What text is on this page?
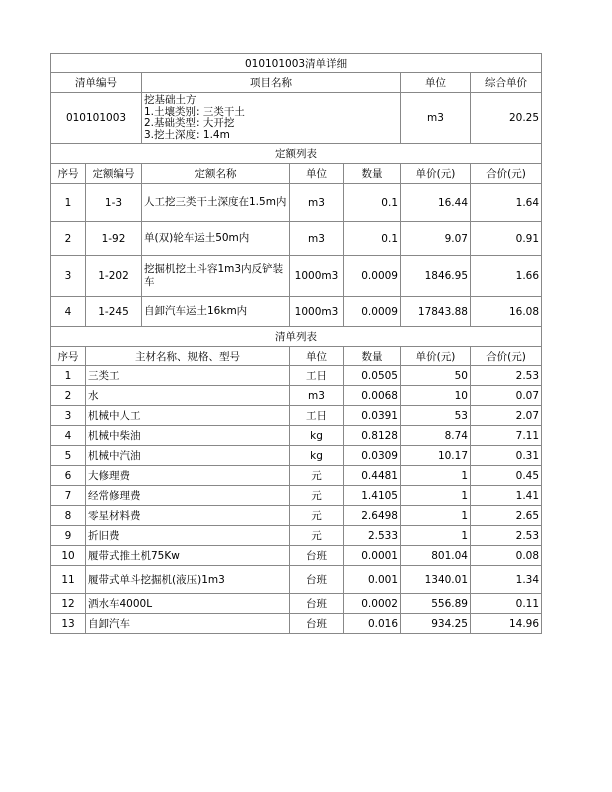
010101003清单详细						
清单编号		项目名称			单位	综合单价
010101003		挖基础土方
1.土壤类别: 三类干土
2.基础类型: 大开挖
3.挖土深度: 1.4m			m3	20.25
定额列表						
序号	定额编号	定额名称	单位	数量	单价(元)	合价(元)
1	1-3	人工挖三类干土深度在1.5m内	m3	0.1	16.44	1.64
2	1-92	单(双)轮车运土50m内	m3	0.1	9.07	0.91
3	1-202	挖掘机挖土斗容1m3内反铲装车	1000m3	0.0009	1846.95	1.66
4	1-245	自卸汽车运土16km内	1000m3	0.0009	17843.88	16.08
清单列表						
序号	主材名称、规格、型号		单位	数量	单价(元)	合价(元)
1	三类工		工日	0.0505	50	2.53
2	水		m3	0.0068	10	0.07
3	机械中人工		工日	0.0391	53	2.07
4	机械中柴油		kg	0.8128	8.74	7.11
5	机械中汽油		kg	0.0309	10.17	0.31
6	大修理费		元	0.4481	1	0.45
7	经常修理费		元	1.4105	1	1.41
8	零星材料费		元	2.6498	1	2.65
9	折旧费		元	2.533	1	2.53
10	履带式推土机75Kw		台班	0.0001	801.04	0.08
11	履带式单斗挖掘机(液压)1m3		台班	0.001	1340.01	1.34
12	洒水车4000L		台班	0.0002	556.89	0.11
13	自卸汽车		台班	0.016	934.25	14.96
